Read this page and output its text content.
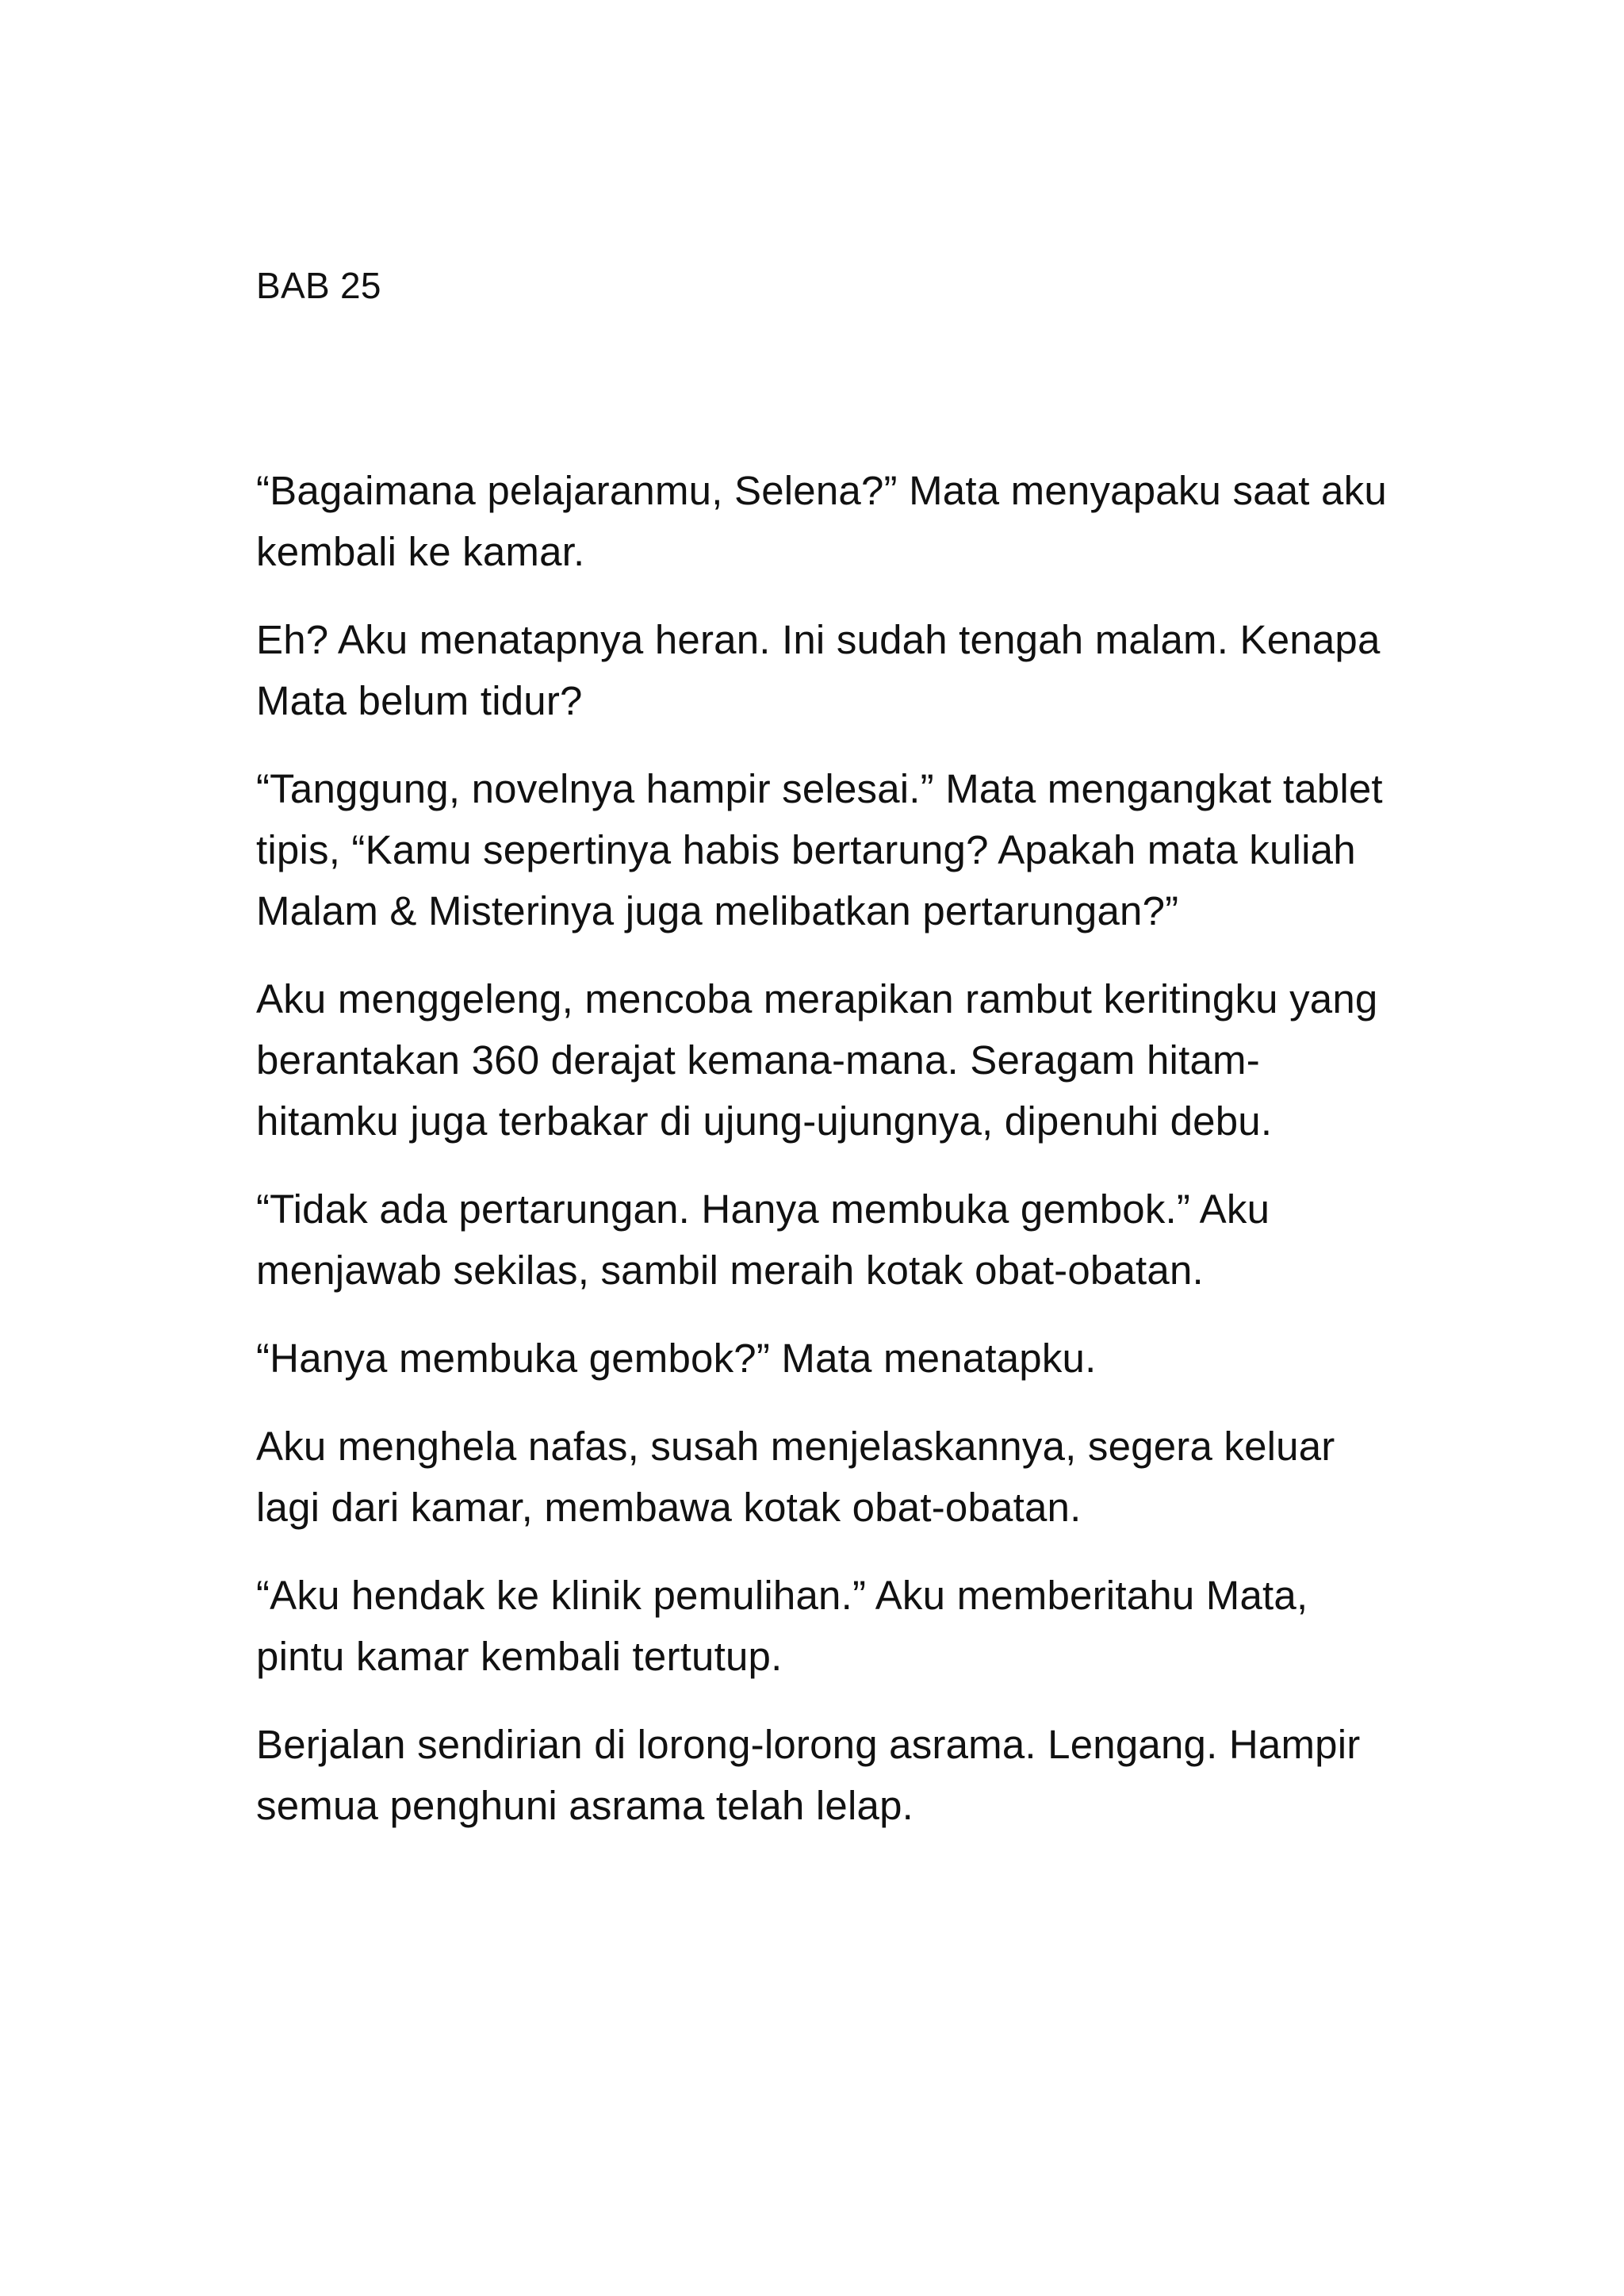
BAB 25

“Bagaimana pelajaranmu, Selena?” Mata menyapaku saat aku kembali ke kamar.

Eh? Aku menatapnya heran. Ini sudah tengah malam. Kenapa Mata belum tidur?

“Tanggung, novelnya hampir selesai.” Mata mengangkat tablet tipis, “Kamu sepertinya habis bertarung? Apakah mata kuliah Malam & Misterinya juga melibatkan pertarungan?”

Aku menggeleng, mencoba merapikan rambut keritingku yang berantakan 360 derajat kemana-mana. Seragam hitam-hitamku juga terbakar di ujung-ujungnya, dipenuhi debu.

“Tidak ada pertarungan. Hanya membuka gembok.” Aku menjawab sekilas, sambil meraih kotak obat-obatan.

“Hanya membuka gembok?” Mata menatapku.

Aku menghela nafas, susah menjelaskannya, segera keluar lagi dari kamar, membawa kotak obat-obatan.

“Aku hendak ke klinik pemulihan.” Aku memberitahu Mata, pintu kamar kembali tertutup.

Berjalan sendirian di lorong-lorong asrama. Lengang. Hampir semua penghuni asrama telah lelap.
